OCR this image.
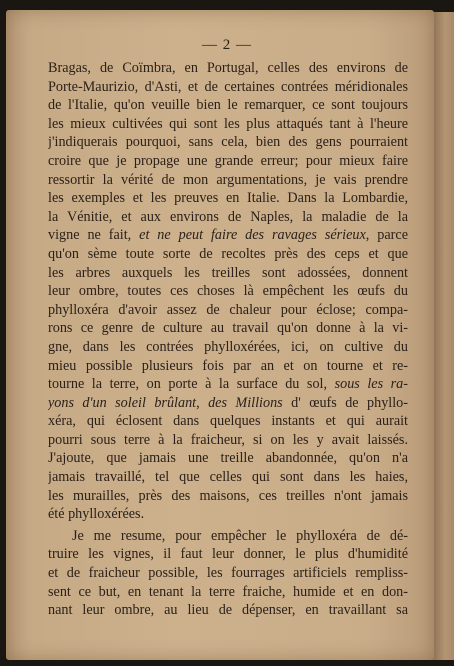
— 2 —
Bragas, de Coïmbra, en Portugal, celles des environs de
Porte-Maurizio, d'Asti, et de certaines contrées méridionales
de l'Italie, qu'on veuille bien le remarquer, ce sont toujours
les mieux cultivées qui sont les plus attaqués tant à l'heure
j'indiquerais pourquoi, sans cela, bien des gens pourraient
croire que je propage une grande erreur; pour mieux faire
ressortir la vérité de mon argumentations, je vais prendre
les exemples et les preuves en Italie. Dans la Lombardie,
la Vénitie, et aux environs de Naples, la maladie de la
vigne ne fait, et ne peut faire des ravages sérieux, parce
qu'on sème toute sorte de recoltes près des ceps et que
les arbres auxquels les treilles sont adossées, donnent
leur ombre, toutes ces choses là empêchent les œufs du
phylloxéra d'avoir assez de chaleur pour éclose; compa-
rons ce genre de culture au travail qu'on donne à la vi-
gne, dans les contrées phylloxérées, ici, on cultive du
mieu possible plusieurs fois par an et on tourne et re-
tourne la terre, on porte à la surface du sol, sous les ra-
yons d'un soleil brûlant, des Millions d' œufs de phyllo-
xéra, qui éclosent dans quelques instants et qui aurait
pourri sous terre à la fraicheur, si on les y avait laissés.
J'ajoute, que jamais une treille abandonnée, qu'on n'a
jamais travaillé, tel que celles qui sont dans les haies,
les murailles, près des maisons, ces treilles n'ont jamais
été phylloxérées.
Je me resume, pour empêcher le phylloxéra de dé-
truire les vignes, il faut leur donner, le plus d'humidité
et de fraicheur possible, les fourrages artificiels rempliss-
sent ce but, en tenant la terre fraiche, humide et en don-
nant leur ombre, au lieu de dépenser, en travaillant sa
